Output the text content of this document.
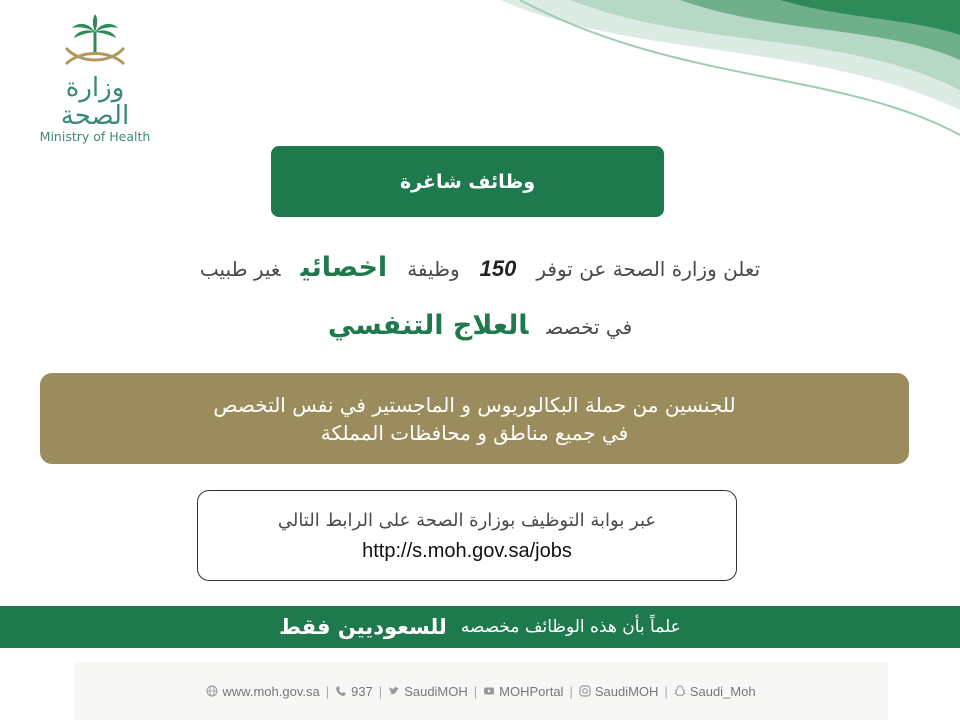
وزارة الصحة
Ministry of Health
وظائف شاغرة
تعلن وزارة الصحة عن توفر150وظيفةاخصائيغير طبيب
في تخصصالعلاج التنفسي
للجنسين من حملة البكالوريوس و الماجستير في نفس التخصص
في جميع مناطق و محافظات المملكة
عبر بوابة التوظيف بوزارة الصحة على الرابط التالي
http://s.moh.gov.sa/jobs
علماً بأن هذه الوظائف مخصصه
للسعوديين فقط
www.moh.gov.sa | 937 | SaudiMOH | MOHPortal | SaudiMOH | Saudi_Moh
